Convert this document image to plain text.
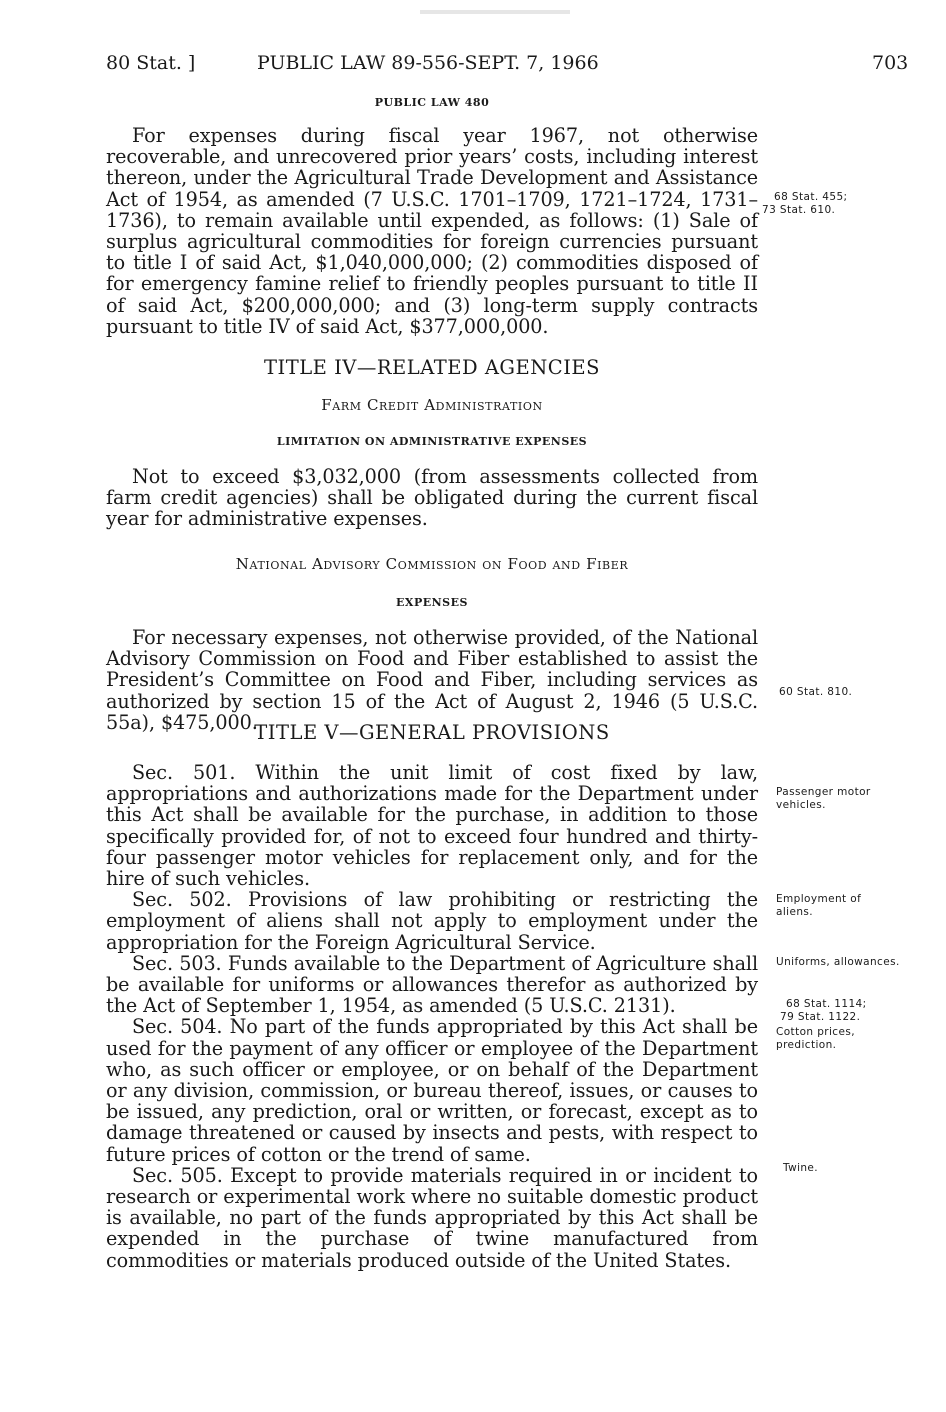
80 Stat. ]	PUBLIC LAW 89-556-SEPT. 7, 1966	703
PUBLIC LAW 480

For expenses during fiscal year 1967, not otherwise recoverable, and unrecovered prior years’ costs, including interest thereon, under the Agricultural Trade Development and Assistance Act of 1954, as amended (7 U.S.C. 1701–1709, 1721–1724, 1731–1736), to remain available until expended, as follows: (1) Sale of surplus agricultural commodities for foreign currencies pursuant to title I of said Act, $1,040,000,000; (2) commodities disposed of for emergency famine relief to friendly peoples pursuant to title II of said Act, $200,000,000; and (3) long-term supply contracts pursuant to title IV of said Act, $377,000,000.

TITLE IV—RELATED AGENCIES
Farm Credit Administration
LIMITATION ON ADMINISTRATIVE EXPENSES

Not to exceed $3,032,000 (from assessments collected from farm credit agencies) shall be obligated during the current fiscal year for administrative expenses.

National Advisory Commission on Food and Fiber
EXPENSES

For necessary expenses, not otherwise provided, of the National Advisory Commission on Food and Fiber established to assist the President’s Committee on Food and Fiber, including services as authorized by section 15 of the Act of August 2, 1946 (5 U.S.C. 55a), $475,000.

TITLE V—GENERAL PROVISIONS

Sec. 501. Within the unit limit of cost fixed by law, appropriations and authorizations made for the Department under this Act shall be available for the purchase, in addition to those specifically provided for, of not to exceed four hundred and thirty-four passenger motor vehicles for replacement only, and for the hire of such vehicles.

Sec. 502. Provisions of law prohibiting or restricting the employment of aliens shall not apply to employment under the appropriation for the Foreign Agricultural Service.

Sec. 503. Funds available to the Department of Agriculture shall be available for uniforms or allowances therefor as authorized by the Act of September 1, 1954, as amended (5 U.S.C. 2131).

Sec. 504. No part of the funds appropriated by this Act shall be used for the payment of any officer or employee of the Department who, as such officer or employee, or on behalf of the Department or any division, commission, or bureau thereof, issues, or causes to be issued, any prediction, oral or written, or forecast, except as to damage threatened or caused by insects and pests, with respect to future prices of cotton or the trend of same.

Sec. 505. Except to provide materials required in or incident to research or experimental work where no suitable domestic product is available, no part of the funds appropriated by this Act shall be expended in the purchase of twine manufactured from commodities or materials produced outside of the United States.

68 Stat. 455;
73 Stat. 610.
60 Stat. 810.
Passenger motor vehicles.
Employment of aliens.
Uniforms, allowances.
68 Stat. 1114;
79 Stat. 1122.
Cotton prices, prediction.
Twine.
